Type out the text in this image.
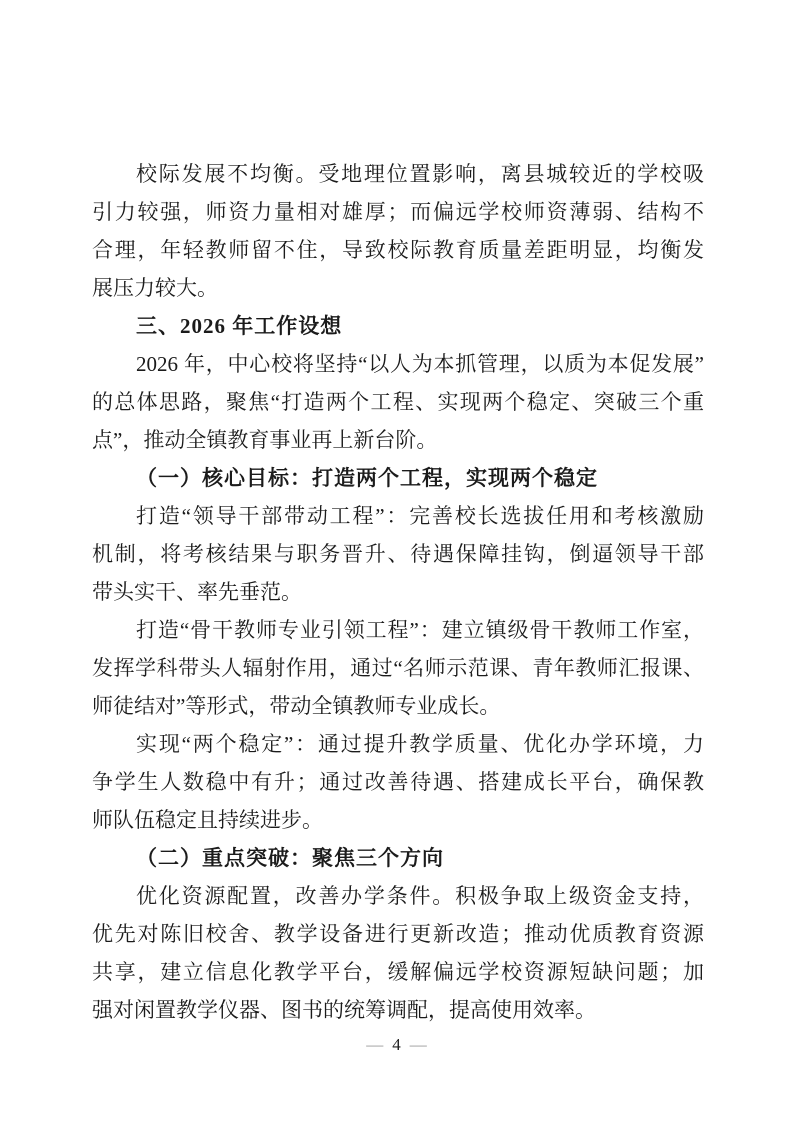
校际发展不均衡。受地理位置影响，离县城较近的学校吸
引力较强，师资力量相对雄厚；而偏远学校师资薄弱、结构不
合理，年轻教师留不住，导致校际教育质量差距明显，均衡发
展压力较大。
三、2026 年工作设想
2026 年，中心校将坚持“以人为本抓管理，以质为本促发展”
的总体思路，聚焦“打造两个工程、实现两个稳定、突破三个重
点”，推动全镇教育事业再上新台阶。
（一）核心目标：打造两个工程，实现两个稳定
打造“领导干部带动工程”：完善校长选拔任用和考核激励
机制，将考核结果与职务晋升、待遇保障挂钩，倒逼领导干部
带头实干、率先垂范。
打造“骨干教师专业引领工程”：建立镇级骨干教师工作室，
发挥学科带头人辐射作用，通过“名师示范课、青年教师汇报课、
师徒结对”等形式，带动全镇教师专业成长。
实现“两个稳定”：通过提升教学质量、优化办学环境，力
争学生人数稳中有升；通过改善待遇、搭建成长平台，确保教
师队伍稳定且持续进步。
（二）重点突破：聚焦三个方向
优化资源配置，改善办学条件。积极争取上级资金支持，
优先对陈旧校舍、教学设备进行更新改造；推动优质教育资源
共享，建立信息化教学平台，缓解偏远学校资源短缺问题；加
强对闲置教学仪器、图书的统筹调配，提高使用效率。
— 4 —
